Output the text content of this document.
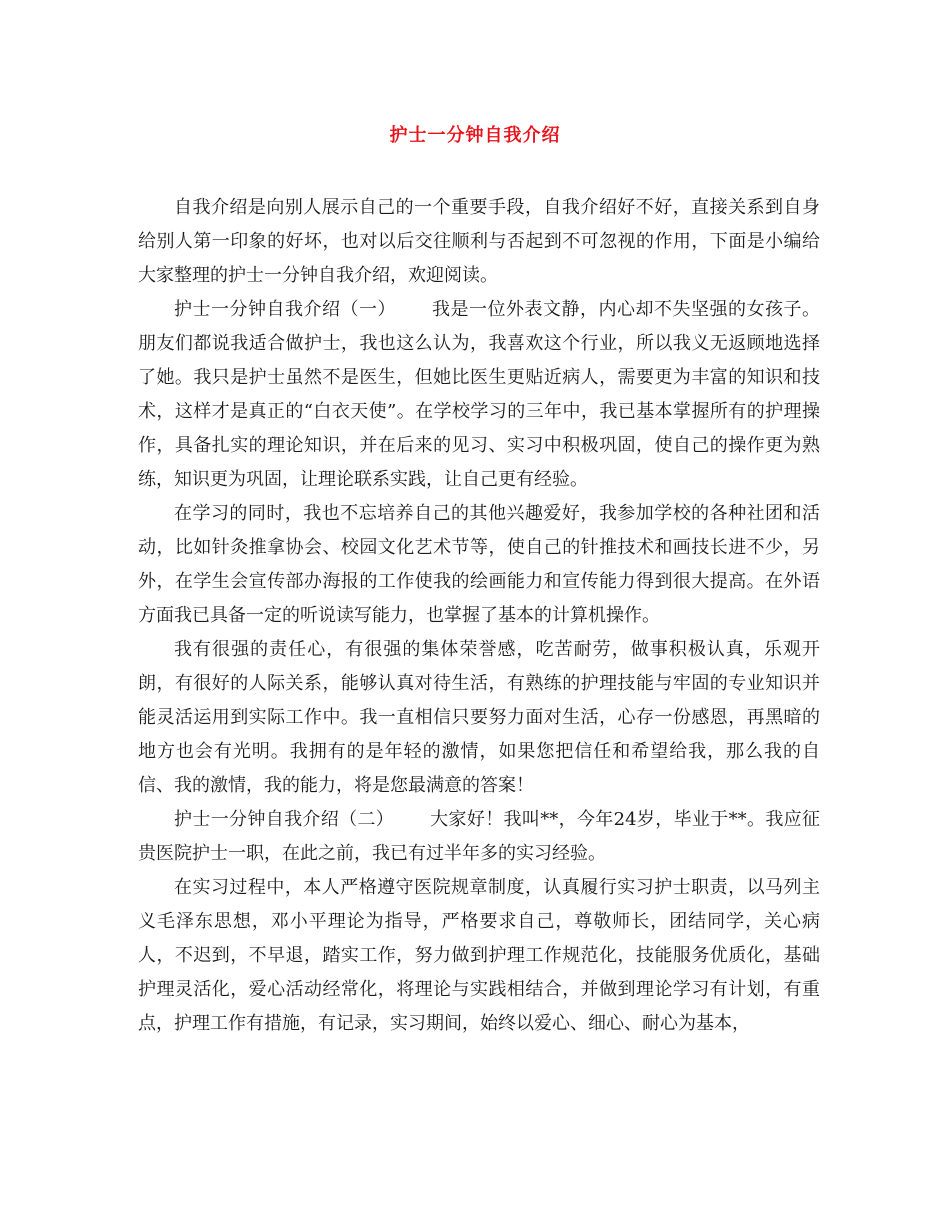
护士一分钟自我介绍

自我介绍是向别人展示自己的一个重要手段，自我介绍好不好，直接关系到自身给别人第一印象的好坏，也对以后交往顺利与否起到不可忽视的作用，下面是小编给大家整理的护士一分钟自我介绍，欢迎阅读。

护士一分钟自我介绍（一） 我是一位外表文静，内心却不失坚强的女孩子。朋友们都说我适合做护士，我也这么认为，我喜欢这个行业，所以我义无返顾地选择了她。我只是护士虽然不是医生，但她比医生更贴近病人，需要更为丰富的知识和技术，这样才是真正的“白衣天使”。在学校学习的三年中，我已基本掌握所有的护理操作，具备扎实的理论知识，并在后来的见习、实习中积极巩固，使自己的操作更为熟练，知识更为巩固，让理论联系实践，让自己更有经验。

在学习的同时，我也不忘培养自己的其他兴趣爱好，我参加学校的各种社团和活动，比如针灸推拿协会、校园文化艺术节等，使自己的针推技术和画技长进不少，另外，在学生会宣传部办海报的工作使我的绘画能力和宣传能力得到很大提高。在外语方面我已具备一定的听说读写能力，也掌握了基本的计算机操作。

我有很强的责任心，有很强的集体荣誉感，吃苦耐劳，做事积极认真，乐观开朗，有很好的人际关系，能够认真对待生活，有熟练的护理技能与牢固的专业知识并能灵活运用到实际工作中。我一直相信只要努力面对生活，心存一份感恩，再黑暗的地方也会有光明。我拥有的是年轻的激情，如果您把信任和希望给我，那么我的自信、我的激情，我的能力，将是您最满意的答案！

护士一分钟自我介绍（二） 大家好！我叫**，今年24岁，毕业于**。我应征贵医院护士一职，在此之前，我已有过半年多的实习经验。

在实习过程中，本人严格遵守医院规章制度，认真履行实习护士职责，以马列主义毛泽东思想，邓小平理论为指导，严格要求自己，尊敬师长，团结同学，关心病人，不迟到，不早退，踏实工作，努力做到护理工作规范化，技能服务优质化，基础护理灵活化，爱心活动经常化，将理论与实践相结合，并做到理论学习有计划，有重点，护理工作有措施，有记录，实习期间，始终以爱心、细心、耐心为基本，
